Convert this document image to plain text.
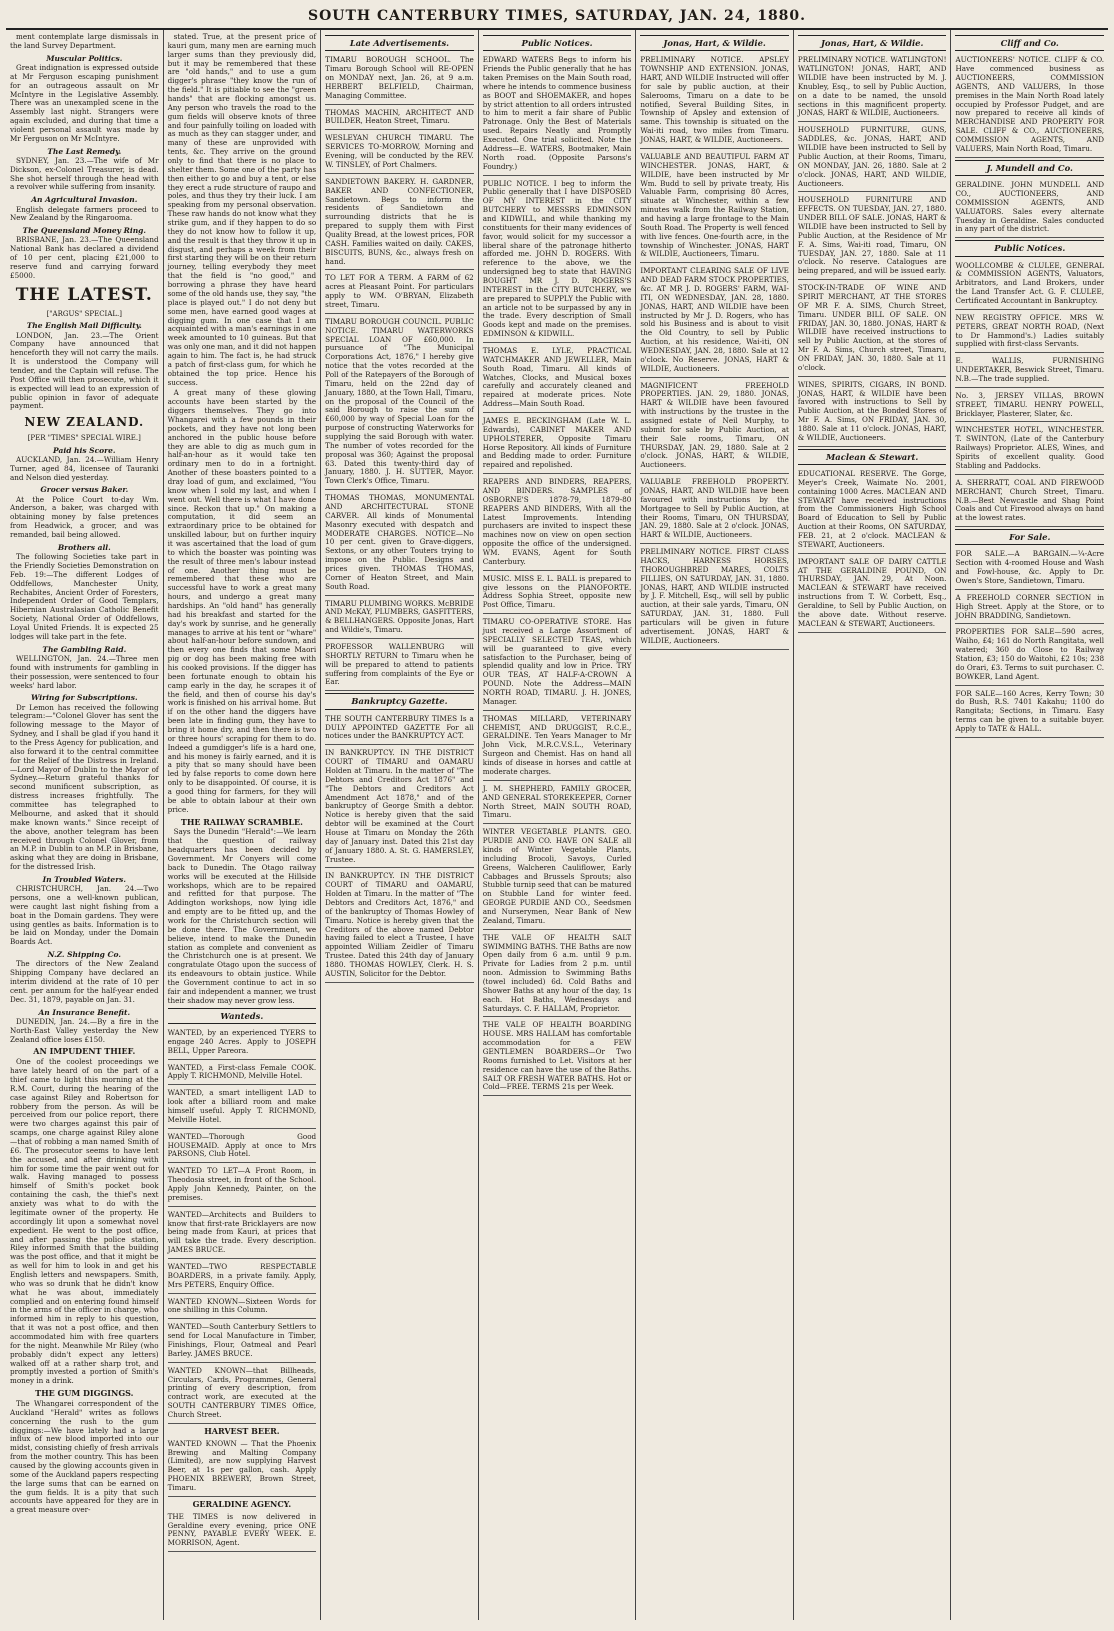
SOUTH CANTERBURY TIMES, SATURDAY, JAN. 24, 1880.

ment contemplate large dismissals in the land Survey Department.

Muscular Politics.

Great indignation is expressed outside at Mr Ferguson escaping punishment for an outrageous assault on Mr McIntyre in the Legislative Assembly. There was an unexampled scene in the Assembly last night. Strangers were again excluded, and during that time a violent personal assault was made by Mr Ferguson on Mr McIntyre.

The Last Remedy.

SYDNEY, Jan. 23.—The wife of Mr Dickson, ex-Colonel Treasurer, is dead. She shot herself through the head with a revolver while suffering from insanity.

An Agricultural Invasion.

English delegate farmers proceed to New Zealand by the Ringarooma.

The Queensland Money Ring.

BRISBANE, Jan. 23.—The Queensland National Bank has declared a dividend of 10 per cent, placing £21,000 to reserve fund and carrying forward £5000.

THE LATEST.
["ARGUS" SPECIAL.]
The English Mail Difficulty.

LONDON, Jan. 23.—The Orient Company have announced that henceforth they will not carry the mails. It is understood the Company will tender, and the Captain will refuse. The Post Office will then prosecute, which it is expected will lead to an expression of public opinion in favor of adequate payment.

NEW ZEALAND.
[PER "TIMES" SPECIAL WIRE.]
Paid his Score.

AUCKLAND, Jan. 24.—William Henry Turner, aged 84, licensee of Tauranki and Nelson died yesterday.

Grocer versus Baker.

At the Police Court to-day Wm. Anderson, a baker, was charged with obtaining money by false pretences from Headwick, a grocer, and was remanded, bail being allowed.

Brothers all.

The following Societies take part in the Friendly Societies Demonstration on Feb. 19:—The different Lodges of Oddfellows, Manchester Unity, Rechabites, Ancient Order of Foresters, Independent Order of Good Templars, Hibernian Australasian Catholic Benefit Society, National Order of Oddfellows, Loyal United Friends. It is expected 25 lodges will take part in the fete.

The Gambling Raid.

WELLINGTON, Jan. 24.—Three men found with instruments for gambling in their possession, were sentenced to four weeks' hard labor.

Wiring for Subscriptions.

Dr Lemon has received the following telegram:—"Colonel Glover has sent the following message to the Mayor of Sydney, and I shall be glad if you hand it to the Press Agency for publication, and also forward it to the central committee for the Relief of the Distress in Ireland.—Lord Mayor of Dublin to the Mayor of Sydney.—Return grateful thanks for second munificent subscription, as distress increases frightfully. The committee has telegraphed to Melbourne, and asked that it should make known wants." Since receipt of the above, another telegram has been received through Colonel Glover, from an M.P. in Dublin to an M.P. in Brisbane, asking what they are doing in Brisbane, for the distressed Irish.

In Troubled Waters.

CHRISTCHURCH, Jan. 24.—Two persons, one a well-known publican, were caught last night fishing from a boat in the Domain gardens. They were using gentles as baits. Information is to be laid on Monday, under the Domain Boards Act.

N.Z. Shipping Co.

The directors of the New Zealand Shipping Company have declared an interim dividend at the rate of 10 per cent. per annum for the half-year ended Dec. 31, 1879, payable on Jan. 31.

An Insurance Benefit.

DUNEDIN, Jan. 24.—By a fire in the North-East Valley yesterday the New Zealand office loses £150.

AN IMPUDENT THIEF.

One of the coolest proceedings we have lately heard of on the part of a thief came to light this morning at the R.M. Court, during the hearing of the case against Riley and Robertson for robbery from the person. As will be perceived from our police report, there were two charges against this pair of scamps, one charge against Riley alone—that of robbing a man named Smith of £6. The prosecutor seems to have lent the accused, and after drinking with him for some time the pair went out for walk. Having managed to possess himself of Smith's pocket book containing the cash, the thief's next anxiety was what to do with the legitimate owner of the property. He accordingly lit upon a somewhat novel expedient. He went to the post office, and after passing the police station, Riley informed Smith that the building was the post office, and that it might be as well for him to look in and get his English letters and newspapers. Smith, who was so drunk that he didn't know what he was about, immediately complied and on entering found himself in the arms of the officer in charge, who informed him in reply to his question, that it was not a post office, and then accommodated him with free quarters for the night. Meanwhile Mr Riley (who probably didn't expect any letters) walked off at a rather sharp trot, and promptly invested a portion of Smith's money in a drink.

THE GUM DIGGINGS.

The Whangarei correspondent of the Auckland "Herald" writes as follows concerning the rush to the gum diggings:—We have lately had a large influx of new blood imported into our midst, consisting chiefly of fresh arrivals from the mother country. This has been caused by the glowing accounts given in some of the Auckland papers respecting the large sums that can be earned on the gum fields. It is a pity that such accounts have appeared for they are in a great measure over-

stated. True, at the present price of kauri gum, many men are earning much larger sums than they previously did, but it may be remembered that these are "old hands," and to use a gum digger's phrase "they know the run of the field." It is pitiable to see the "green hands" that are flocking amongst us. Any person who travels the road to the gum fields will observe knots of three and four painfully toiling on loaded with as much as they can stagger under, and many of these are unprovided with tents, &c. They arrive on the ground only to find that there is no place to shelter them. Some one of the party has then either to go and buy a tent, or else they erect a rude structure of raupo and poles, and thus they try their luck. I am speaking from my personal observation. These raw hands do not know what they strike gum, and if they happen to do so they do not know how to follow it up, and the result is that they throw it up in disgust, and perhaps a week from their first starting they will be on their return journey, telling everybody they meet that the field is "no good," and borrowing a phrase they have heard some of the old hands use, they say, "the place is played out." I do not deny but some men, have earned good wages at digging gum. In one case that I am acquainted with a man's earnings in one week amounted to 10 guineas. But that was only one man, and it did not happen again to him. The fact is, he had struck a patch of first-class gum, for which he obtained the top price. Hence his success.

A great many of these glowing accounts have been started by the diggers themselves. They go into Whangarei with a few pounds in their pockets, and they have not long been anchored in the public house before they are able to dig as much gum in half-an-hour as it would take ten ordinary men to do in a fortnight. Another of these boasters pointed to a dray load of gum, and exclaimed, "You know when I sold my last, and when I went out. Well there is what I have done since. Reckon that up." On making a computation, it did seem an extraordinary price to be obtained for unskilled labour, but on further inquiry it was ascertained that the load of gum to which the boaster was pointing was the result of three men's labour instead of one. Another thing must be remembered that these who are successful have to work a great many hours, and undergo a great many hardships. An "old hand" has generally had his breakfast and started for the day's work by sunrise, and he generally manages to arrive at his tent or "whare" about half-an-hour before sundown, and then every one finds that some Maori pig or dog has been making free with his cooked provisions. If the digger has been fortunate enough to obtain his camp early in the day, he scrapes it of the field, and then of course his day's work is finished on his arrival home. But if on the other hand the diggers have been late in finding gum, they have to bring it home dry, and then there is two or three hours' scraping for them to do. Indeed a gumdigger's life is a hard one, and his money is fairly earned, and it is a pity that so many should have been led by false reports to come down here only to be disappointed. Of course, it is a good thing for farmers, for they will be able to obtain labour at their own price.

THE RAILWAY SCRAMBLE.

Says the Dunedin "Herald":—We learn that the question of railway headquarters has been decided by Government. Mr Conyers will come back to Dunedin. The Otago railway works will be executed at the Hillside workshops, which are to be repaired and refitted for that purpose. The Addington workshops, now lying idle and empty are to be fitted up, and the work for the Christchurch section will be done there. The Government, we believe, intend to make the Dunedin station as complete and convenient as the Christchurch one is at present. We congratulate Otago upon the success of its endeavours to obtain justice. While the Government continue to act in so fair and independent a manner, we trust their shadow may never grow less.

Wanteds.
WANTED, by an experienced TYERS to engage 240 Acres. Apply to JOSEPH BELL, Upper Pareora.
WANTED, a First-class Female COOK. Apply T. RICHMOND, Melville Hotel.
WANTED, a smart intelligent LAD to look after a billiard room and make himself useful. Apply T. RICHMOND, Melville Hotel.
WANTED—Thorough Good HOUSEMAID. Apply at once to Mrs PARSONS, Club Hotel.
WANTED TO LET—A Front Room, in Theodosia street, in front of the School. Apply John Kennedy, Painter, on the premises.
WANTED—Architects and Builders to know that first-rate Bricklayers are now being made from Kauri, at prices that will take the trade. Every description. JAMES BRUCE.
WANTED—TWO RESPECTABLE BOARDERS, in a private family. Apply, Mrs PETERS, Enquiry Office.
WANTED KNOWN—Sixteen Words for one shilling in this Column.
WANTED—South Canterbury Settlers to send for Local Manufacture in Timber, Finishings, Flour, Oatmeal and Pearl Barley. JAMES BRUCE.
WANTED KNOWN—that Billheads, Circulars, Cards, Programmes, General printing of every description, from contract work, are executed at the SOUTH CANTERBURY TIMES Office, Church Street.
HARVEST BEER.
WANTED KNOWN — That the Phoenix Brewing and Malting Company (Limited), are now supplying Harvest Beer, at 1s per gallon, cash. Apply PHOENIX BREWERY, Brown Street, Timaru.
GERALDINE AGENCY.
THE TIMES is now delivered in Geraldine every evening, price ONE PENNY, PAYABLE EVERY WEEK. E. MORRISON, Agent.
Late Advertisements.
TIMARU BOROUGH SCHOOL. The Timaru Borough School will RE-OPEN on MONDAY next, Jan. 26, at 9 a.m. HERBERT BELFIELD, Chairman, Managing Committee.
THOMAS MACHIN, ARCHITECT AND BUILDER, Heaton Street, Timaru.
WESLEYAN CHURCH TIMARU. The SERVICES TO-MORROW, Morning and Evening, will be conducted by the REV. W. TINSLEY, of Port Chalmers.
SANDIETOWN BAKERY. H. GARDNER, BAKER AND CONFECTIONER, Sandietown. Begs to inform the residents of Sandietown and surrounding districts that he is prepared to supply them with First Quality Bread, at the lowest prices, FOR CASH. Families waited on daily. CAKES, BISCUITS, BUNS, &c., always fresh on hand.
TO LET FOR A TERM. A FARM of 62 acres at Pleasant Point. For particulars apply to WM. O'BRYAN, Elizabeth street, Timaru.
TIMARU BOROUGH COUNCIL. PUBLIC NOTICE. TIMARU WATERWORKS SPECIAL LOAN OF £60,000. In pursuance of "The Municipal Corporations Act, 1876," I hereby give notice that the votes recorded at the Poll of the Ratepayers of the Borough of Timaru, held on the 22nd day of January, 1880, at the Town Hall, Timaru, on the proposal of the Council of the said Borough to raise the sum of £60,000 by way of Special Loan for the purpose of constructing Waterworks for supplying the said Borough with water. The number of votes recorded for the proposal was 360; Against the proposal 63. Dated this twenty-third day of January, 1880. J. H. SUTTER, Mayor. Town Clerk's Office, Timaru.
THOMAS THOMAS, MONUMENTAL AND ARCHITECTURAL STONE CARVER. All kinds of Monumental Masonry executed with despatch and MODERATE CHARGES. NOTICE—No 10 per cent. given to Grave-diggers, Sextons, or any other Touters trying to impose on the Public. Designs and prices given. THOMAS THOMAS, Corner of Heaton Street, and Main South Road.
TIMARU PLUMBING WORKS. McBRIDE AND McKAY, PLUMBERS, GASFITTERS, & BELLHANGERS. Opposite Jonas, Hart and Wildie's, Timaru.
PROFESSOR WALLENBURG will SHORTLY RETURN to Timaru when he will be prepared to attend to patients suffering from complaints of the Eye or Ear.
Bankruptcy Gazette.
THE SOUTH CANTERBURY TIMES Is a DULY APPOINTED GAZETTE For all notices under the BANKRUPTCY ACT.
IN BANKRUPTCY. IN THE DISTRICT COURT of TIMARU and OAMARU Holden at Timaru. In the matter of "The Debtors and Creditors Act 1876" and "The Debtors and Creditors Act Amendment Act 1878," and of the bankruptcy of George Smith a debtor. Notice is hereby given that the said debtor will be examined at the Court House at Timaru on Monday the 26th day of January inst. Dated this 21st day of January 1880. A. St. G. HAMERSLEY, Trustee.
IN BANKRUPTCY. IN THE DISTRICT COURT of TIMARU and OAMARU, Holden at Timaru. In the matter of "The Debtors and Creditors Act, 1876," and of the bankruptcy of Thomas Howley of Timaru. Notice is hereby given that the Creditors of the above named Debtor having failed to elect a Trustee, I have appointed William Zeidler of Timaru Trustee. Dated this 24th day of January 1880. THOMAS HOWLEY, Clerk. H. S. AUSTIN, Solicitor for the Debtor.
Public Notices.
EDWARD WATERS Begs to inform his Friends the Public generally that he has taken Premises on the Main South road, where he intends to commence business as BOOT and SHOEMAKER, and hopes by strict attention to all orders intrusted to him to merit a fair share of Public Patronage. Only the Best of Materials used. Repairs Neatly and Promptly Executed. One trial solicited. Note the Address—E. WATERS, Bootmaker, Main North road. (Opposite Parsons's Foundry.)
PUBLIC NOTICE. I beg to inform the Public generally that I have DISPOSED OF MY INTEREST in the CITY BUTCHERY to MESSRS EDMINSON and KIDWILL, and while thanking my constituents for their many evidences of favor, would solicit for my successor a liberal share of the patronage hitherto afforded me. JOHN D. ROGERS. With reference to the above, we the undersigned beg to state that HAVING BOUGHT MR J. D. ROGERS'S INTEREST in the CITY BUTCHERY, we are prepared to SUPPLY the Public with an article not to be surpassed by any in the trade. Every description of Small Goods kept and made on the premises. EDMINSON & KIDWILL.
THOMAS E. LYLE, PRACTICAL WATCHMAKER AND JEWELLER, Main South Road, Timaru. All kinds of Watches, Clocks, and Musical boxes carefully and accurately cleaned and repaired at moderate prices. Note Address—Main South Road.
JAMES E. BECKINGHAM (Late W. L. Edwards), CABINET MAKER AND UPHOLSTERER, Opposite Timaru Horse Repository. All kinds of Furniture and Bedding made to order. Furniture repaired and repolished.
REAPERS AND BINDERS, REAPERS, AND BINDERS. SAMPLES of OSBORNE'S 1878-79, 1879-80 REAPERS AND BINDERS, With all the Latest Improvements. Intending purchasers are invited to inspect these machines now on view on open section opposite the office of the undersigned. WM. EVANS, Agent for South Canterbury.
MUSIC. MISS E. L. BALL is prepared to give lessons on the PIANOFORTE. Address Sophia Street, opposite new Post Office, Timaru.
TIMARU CO-OPERATIVE STORE. Has just received a Large Assortment of SPECIALLY SELECTED TEAS, which will be guaranteed to give every satisfaction to the Purchaser, being of splendid quality and low in Price. TRY OUR TEAS, AT HALF-A-CROWN A POUND. Note the Address—MAIN NORTH ROAD, TIMARU. J. H. JONES, Manager.
THOMAS MILLARD, VETERINARY CHEMIST, AND DRUGGIST, R.C.E., GERALDINE. Ten Years Manager to Mr John Vick, M.R.C.V.S.L., Veterinary Surgeon and Chemist. Has on hand all kinds of disease in horses and cattle at moderate charges.
J. M. SHEPHERD, FAMILY GROCER, AND GENERAL STOREKEEPER, Corner North Street, MAIN SOUTH ROAD, Timaru.
WINTER VEGETABLE PLANTS. GEO. PURDIE AND CO. HAVE ON SALE all kinds of Winter Vegetable Plants, including Brocoli, Savoys, Curled Greens, Walcheren Cauliflower, Early Cabbages and Brussels Sprouts; also Stubble turnip seed that can be matured on Stubble Land for winter feed. GEORGE PURDIE AND CO., Seedsmen and Nurserymen, Near Bank of New Zealand, Timaru.
THE VALE OF HEALTH SALT SWIMMING BATHS. THE Baths are now Open daily from 6 a.m. until 9 p.m. Private for Ladies from 2 p.m. until noon. Admission to Swimming Baths (towel included) 6d. Cold Baths and Shower Baths at any hour of the day, 1s each. Hot Baths, Wednesdays and Saturdays. C. F. HALLAM, Proprietor.
THE VALE OF HEALTH BOARDING HOUSE. MRS HALLAM has comfortable accommodation for a FEW GENTLEMEN BOARDERS—Or Two Rooms furnished to Let. Visitors at her residence can have the use of the Baths. SALT OR FRESH WATER BATHS. Hot or Cold—FREE. TERMS 21s per Week.
Jonas, Hart, & Wildie.
PRELIMINARY NOTICE. APSLEY TOWNSHIP AND EXTENSION. JONAS, HART, AND WILDIE Instructed will offer for sale by public auction, at their Salerooms, Timaru on a date to be notified, Several Building Sites, in Township of Apsley and extension of same. This township is situated on the Wai-iti road, two miles from Timaru. JONAS, HART, & WILDIE, Auctioneers.
VALUABLE AND BEAUTIFUL FARM AT WINCHESTER. JONAS, HART, & WILDIE, have been instructed by Mr Wm. Budd to sell by private treaty, His Valuable Farm, comprising 80 Acres, situate at Winchester, within a few minutes walk from the Railway Station, and having a large frontage to the Main South Road. The Property is well fenced with live fences. One-fourth acre, in the township of Winchester. JONAS, HART & WILDIE, Auctioneers, Timaru.
IMPORTANT CLEARING SALE OF LIVE AND DEAD FARM STOCK PROPERTIES, &c. AT MR J. D. ROGERS' FARM, WAI-ITI, ON WEDNESDAY, JAN. 28, 1880. JONAS, HART, AND WILDIE have been instructed by Mr J. D. Rogers, who has sold his Business and is about to visit the Old Country, to sell by Public Auction, at his residence, Wai-iti, ON WEDNESDAY, JAN. 28, 1880. Sale at 12 o'clock. No Reserve. JONAS, HART & WILDIE, Auctioneers.
MAGNIFICENT FREEHOLD PROPERTIES. JAN. 29, 1880. JONAS, HART & WILDIE have been favoured with instructions by the trustee in the assigned estate of Neil Murphy, to submit for sale by Public Auction, at their Sale rooms, Timaru, ON THURSDAY, JAN. 29, 1880. Sale at 2 o'clock. JONAS, HART, & WILDIE, Auctioneers.
VALUABLE FREEHOLD PROPERTY. JONAS, HART, AND WILDIE have been favoured with instructions by the Mortgagee to Sell by Public Auction, at their Rooms, Timaru, ON THURSDAY, JAN. 29, 1880. Sale at 2 o'clock. JONAS, HART & WILDIE, Auctioneers.
PRELIMINARY NOTICE. FIRST CLASS HACKS, HARNESS HORSES, THOROUGHBRED MARES, COLTS FILLIES, ON SATURDAY, JAN. 31, 1880. JONAS, HART, AND WILDIE instructed by J. F. Mitchell, Esq., will sell by public auction, at their sale yards, Timaru, ON SATURDAY, JAN. 31, 1880. Full particulars will be given in future advertisement. JONAS, HART & WILDIE, Auctioneers.
Jonas, Hart, & Wildie.
PRELIMINARY NOTICE. WATLINGTON! WATLINGTON! JONAS, HART, AND WILDIE have been instructed by M. J. Knubley, Esq., to sell by Public Auction, on a date to be named, the unsold sections in this magnificent property. JONAS, HART & WILDIE, Auctioneers.
HOUSEHOLD FURNITURE, GUNS, SADDLES, &c. JONAS, HART, AND WILDIE have been instructed to Sell by Public Auction, at their Rooms, Timaru, ON MONDAY, JAN. 26, 1880. Sale at 2 o'clock. JONAS, HART, AND WILDIE, Auctioneers.
HOUSEHOLD FURNITURE AND EFFECTS. ON TUESDAY, JAN. 27, 1880. UNDER BILL OF SALE. JONAS, HART & WILDIE have been instructed to Sell by Public Auction, at the Residence of Mr F. A. Sims, Wai-iti road, Timaru, ON TUESDAY, JAN. 27, 1880. Sale at 11 o'clock. No reserve. Catalogues are being prepared, and will be issued early.
STOCK-IN-TRADE OF WINE AND SPIRIT MERCHANT, AT THE STORES OF MR F. A. SIMS, Church Street, Timaru. UNDER BILL OF SALE. ON FRIDAY, JAN. 30, 1880. JONAS, HART & WILDIE have received instructions to sell by Public Auction, at the stores of Mr F. A. Sims, Church street, Timaru, ON FRIDAY, JAN. 30, 1880. Sale at 11 o'clock.
WINES, SPIRITS, CIGARS, IN BOND. JONAS, HART, & WILDIE have been favored with instructions to Sell by Public Auction, at the Bonded Stores of Mr F. A. Sims, ON FRIDAY, JAN. 30, 1880. Sale at 11 o'clock. JONAS, HART, & WILDIE, Auctioneers.
Maclean & Stewart.
EDUCATIONAL RESERVE. The Gorge, Meyer's Creek, Waimate No. 2001, containing 1000 Acres. MACLEAN AND STEWART have received instructions from the Commissioners High School Board of Education to Sell by Public Auction at their Rooms, ON SATURDAY, FEB. 21, at 2 o'clock. MACLEAN & STEWART, Auctioneers.
IMPORTANT SALE OF DAIRY CATTLE AT THE GERALDINE POUND, ON THURSDAY, JAN. 29, At Noon. MACLEAN & STEWART have received instructions from T. W. Corbett, Esq., Geraldine, to Sell by Public Auction, on the above date. Without reserve. MACLEAN & STEWART, Auctioneers.
Cliff and Co.
AUCTIONEERS' NOTICE. CLIFF & CO. Have commenced business as AUCTIONEERS, COMMISSION AGENTS, AND VALUERS, In those premises in the Main North Road lately occupied by Professor Pudget, and are now prepared to receive all kinds of MERCHANDISE AND PROPERTY FOR SALE. CLIFF & CO., AUCTIONEERS, COMMISSION AGENTS, AND VALUERS, Main North Road, Timaru.
J. Mundell and Co.
GERALDINE. JOHN MUNDELL AND CO., AUCTIONEERS, AND COMMISSION AGENTS, AND VALUATORS. Sales every alternate Tuesday in Geraldine. Sales conducted in any part of the district.
Public Notices.
WOOLLCOMBE & CLULEE, GENERAL & COMMISSION AGENTS, Valuators, Arbitrators, and Land Brokers, under the Land Transfer Act. G. F. CLULEE, Certificated Accountant in Bankruptcy.
NEW REGISTRY OFFICE. MRS W. PETERS, GREAT NORTH ROAD, (Next to Dr Hammond's.) Ladies suitably supplied with first-class Servants.
E. WALLIS, FURNISHING UNDERTAKER, Beswick Street, Timaru. N.B.—The trade supplied.
No. 3, JERSEY VILLAS, BROWN STREET, TIMARU. HENRY POWELL, Bricklayer, Plasterer, Slater, &c.
WINCHESTER HOTEL, WINCHESTER. T. SWINTON, (Late of the Canterbury Railways) Proprietor. ALES, Wines, and Spirits of excellent quality. Good Stabling and Paddocks.
A. SHERRATT, COAL AND FIREWOOD MERCHANT, Church Street, Timaru. N.B.—Best Newcastle and Shag Point Coals and Cut Firewood always on hand at the lowest rates.
For Sale.
FOR SALE.—A BARGAIN.—¼-Acre Section with 4-roomed House and Wash and Fowl-house, &c. Apply to Dr. Owen's Store, Sandietown, Timaru.
A FREEHOLD CORNER SECTION in High Street. Apply at the Store, or to JOHN BRADDING, Sandietown.
PROPERTIES FOR SALE—590 acres, Waiho, £4; 161 do North Rangitata, well watered; 360 do Close to Railway Station, £3; 150 do Waitohi, £2 10s; 238 do Orari, £3. Terms to suit purchaser. C. BOWKER, Land Agent.
FOR SALE—160 Acres, Kerry Town; 30 do Bush, R.S. 7401 Kakahu; 1100 do Rangitata; Sections, in Timaru. Easy terms can be given to a suitable buyer. Apply to TATE & HALL.
